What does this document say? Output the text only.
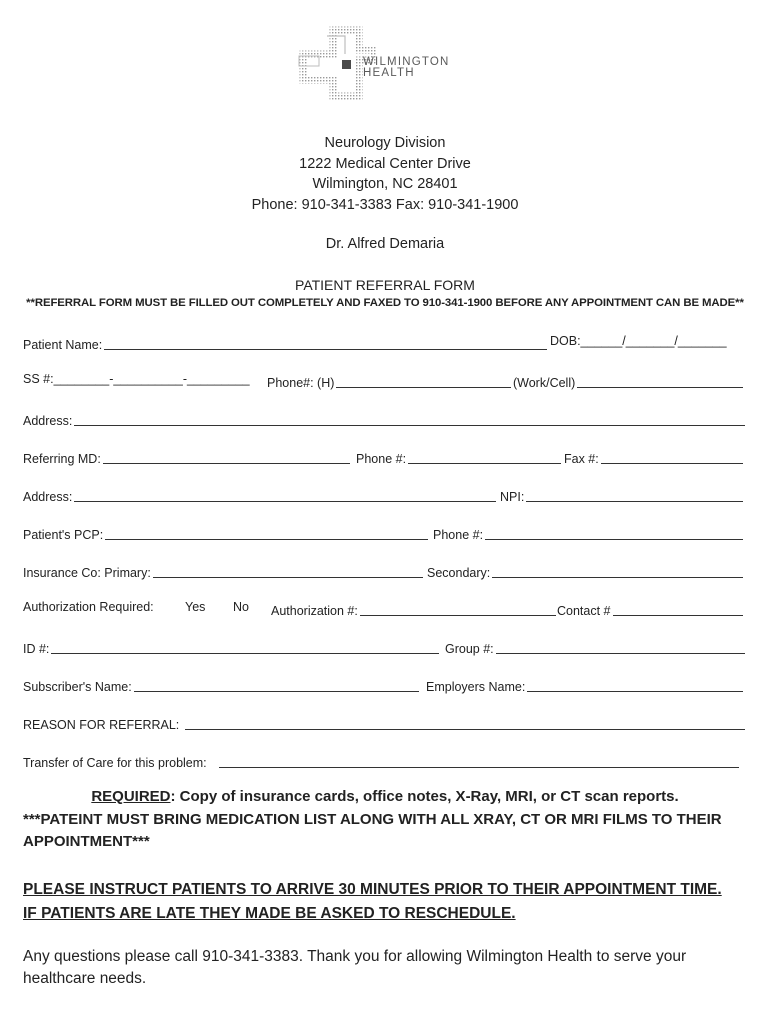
WILMINGTON
HEALTH
Neurology Division
1222 Medical Center Drive
Wilmington, NC 28401
Phone: 910-341-3383 Fax: 910-341-1900
Dr. Alfred Demaria
PATIENT REFERRAL FORM
**REFERRAL FORM MUST BE FILLED OUT COMPLETELY AND FAXED TO 910-341-1900 BEFORE ANY APPOINTMENT CAN BE MADE**
Patient Name:	DOB:______/_______/_______
SS #:________-__________-_________ Phone#: (H)	(Work/Cell)
Address:
Referring MD:	Phone #:	Fax #:
Address:	NPI:
Patient's PCP:	Phone #:
Insurance Co: Primary:	Secondary:
Authorization Required:	Yes No Authorization #:	Contact #
ID #:	Group #:
Subscriber's Name:	Employers Name:
REASON FOR REFERRAL:
Transfer of Care for this problem:
REQUIRED: Copy of insurance cards, office notes, X-Ray, MRI, or CT scan reports.
***PATEINT MUST BRING MEDICATION LIST ALONG WITH ALL XRAY, CT OR MRI FILMS TO THEIR APPOINTMENT***
PLEASE INSTRUCT PATIENTS TO ARRIVE 30 MINUTES PRIOR TO THEIR APPOINTMENT TIME.
IF PATIENTS ARE LATE THEY MADE BE ASKED TO RESCHEDULE.
Any questions please call 910-341-3383. Thank you for allowing Wilmington Health to serve your healthcare needs.
